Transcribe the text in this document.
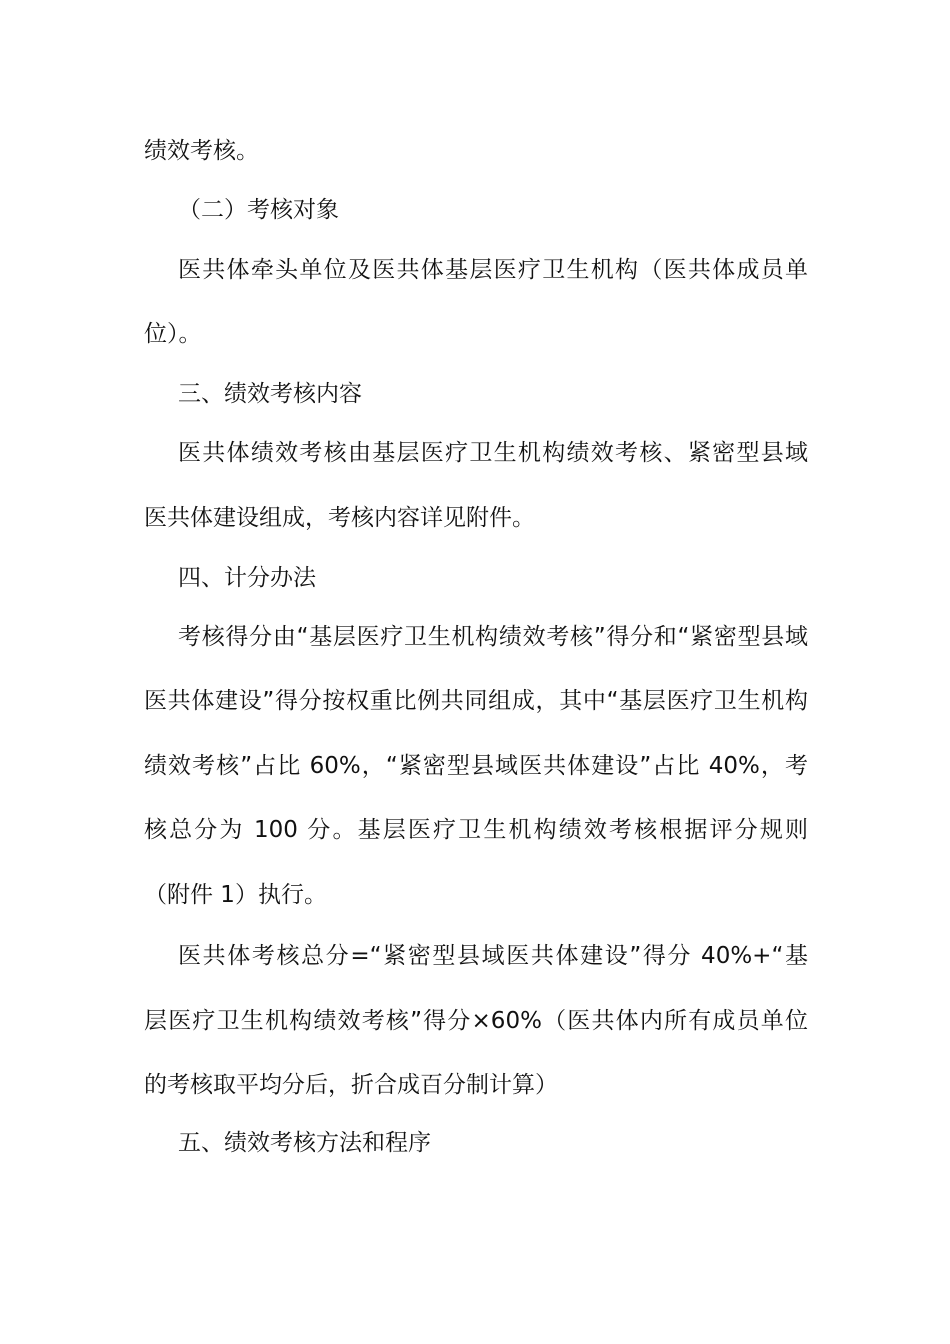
绩效考核。
（二）考核对象
医共体牵头单位及医共体基层医疗卫生机构（医共体成员单
位）。
三、绩效考核内容
医共体绩效考核由基层医疗卫生机构绩效考核、紧密型县域
医共体建设组成，考核内容详见附件。
四、计分办法
考核得分由“基层医疗卫生机构绩效考核”得分和“紧密型县域
医共体建设”得分按权重比例共同组成，其中“基层医疗卫生机构
绩效考核”占比 60%，“紧密型县域医共体建设”占比 40%，考
核总分为 100 分。基层医疗卫生机构绩效考核根据评分规则
（附件 1）执行。
医共体考核总分=“紧密型县域医共体建设”得分 40%+“基
层医疗卫生机构绩效考核”得分×60%（医共体内所有成员单位
的考核取平均分后，折合成百分制计算）
五、绩效考核方法和程序
